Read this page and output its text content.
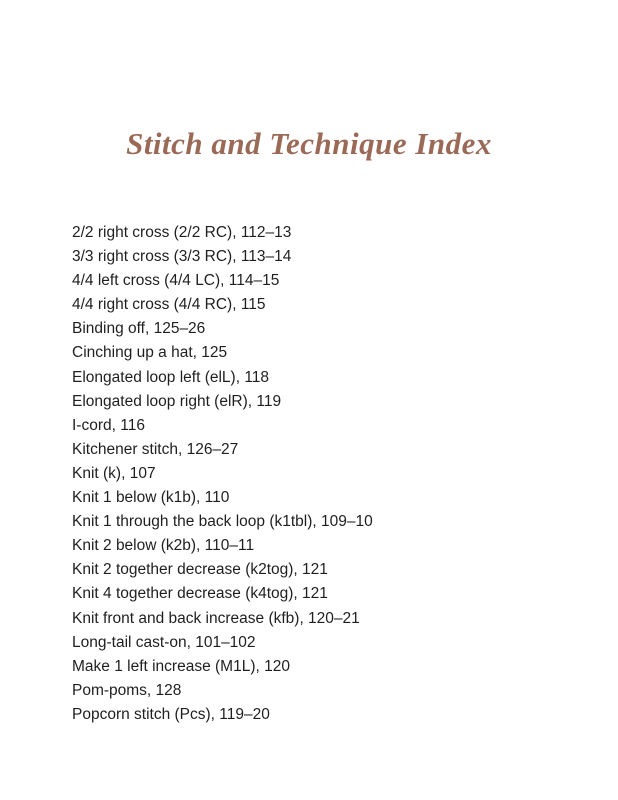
Stitch and Technique Index
2/2 right cross (2/2 RC), 112–13
3/3 right cross (3/3 RC), 113–14
4/4 left cross (4/4 LC), 114–15
4/4 right cross (4/4 RC), 115
Binding off, 125–26
Cinching up a hat, 125
Elongated loop left (elL), 118
Elongated loop right (elR), 119
I-cord, 116
Kitchener stitch, 126–27
Knit (k), 107
Knit 1 below (k1b), 110
Knit 1 through the back loop (k1tbl), 109–10
Knit 2 below (k2b), 110–11
Knit 2 together decrease (k2tog), 121
Knit 4 together decrease (k4tog), 121
Knit front and back increase (kfb), 120–21
Long-tail cast-on, 101–102
Make 1 left increase (M1L), 120
Pom-poms, 128
Popcorn stitch (Pcs), 119–20
